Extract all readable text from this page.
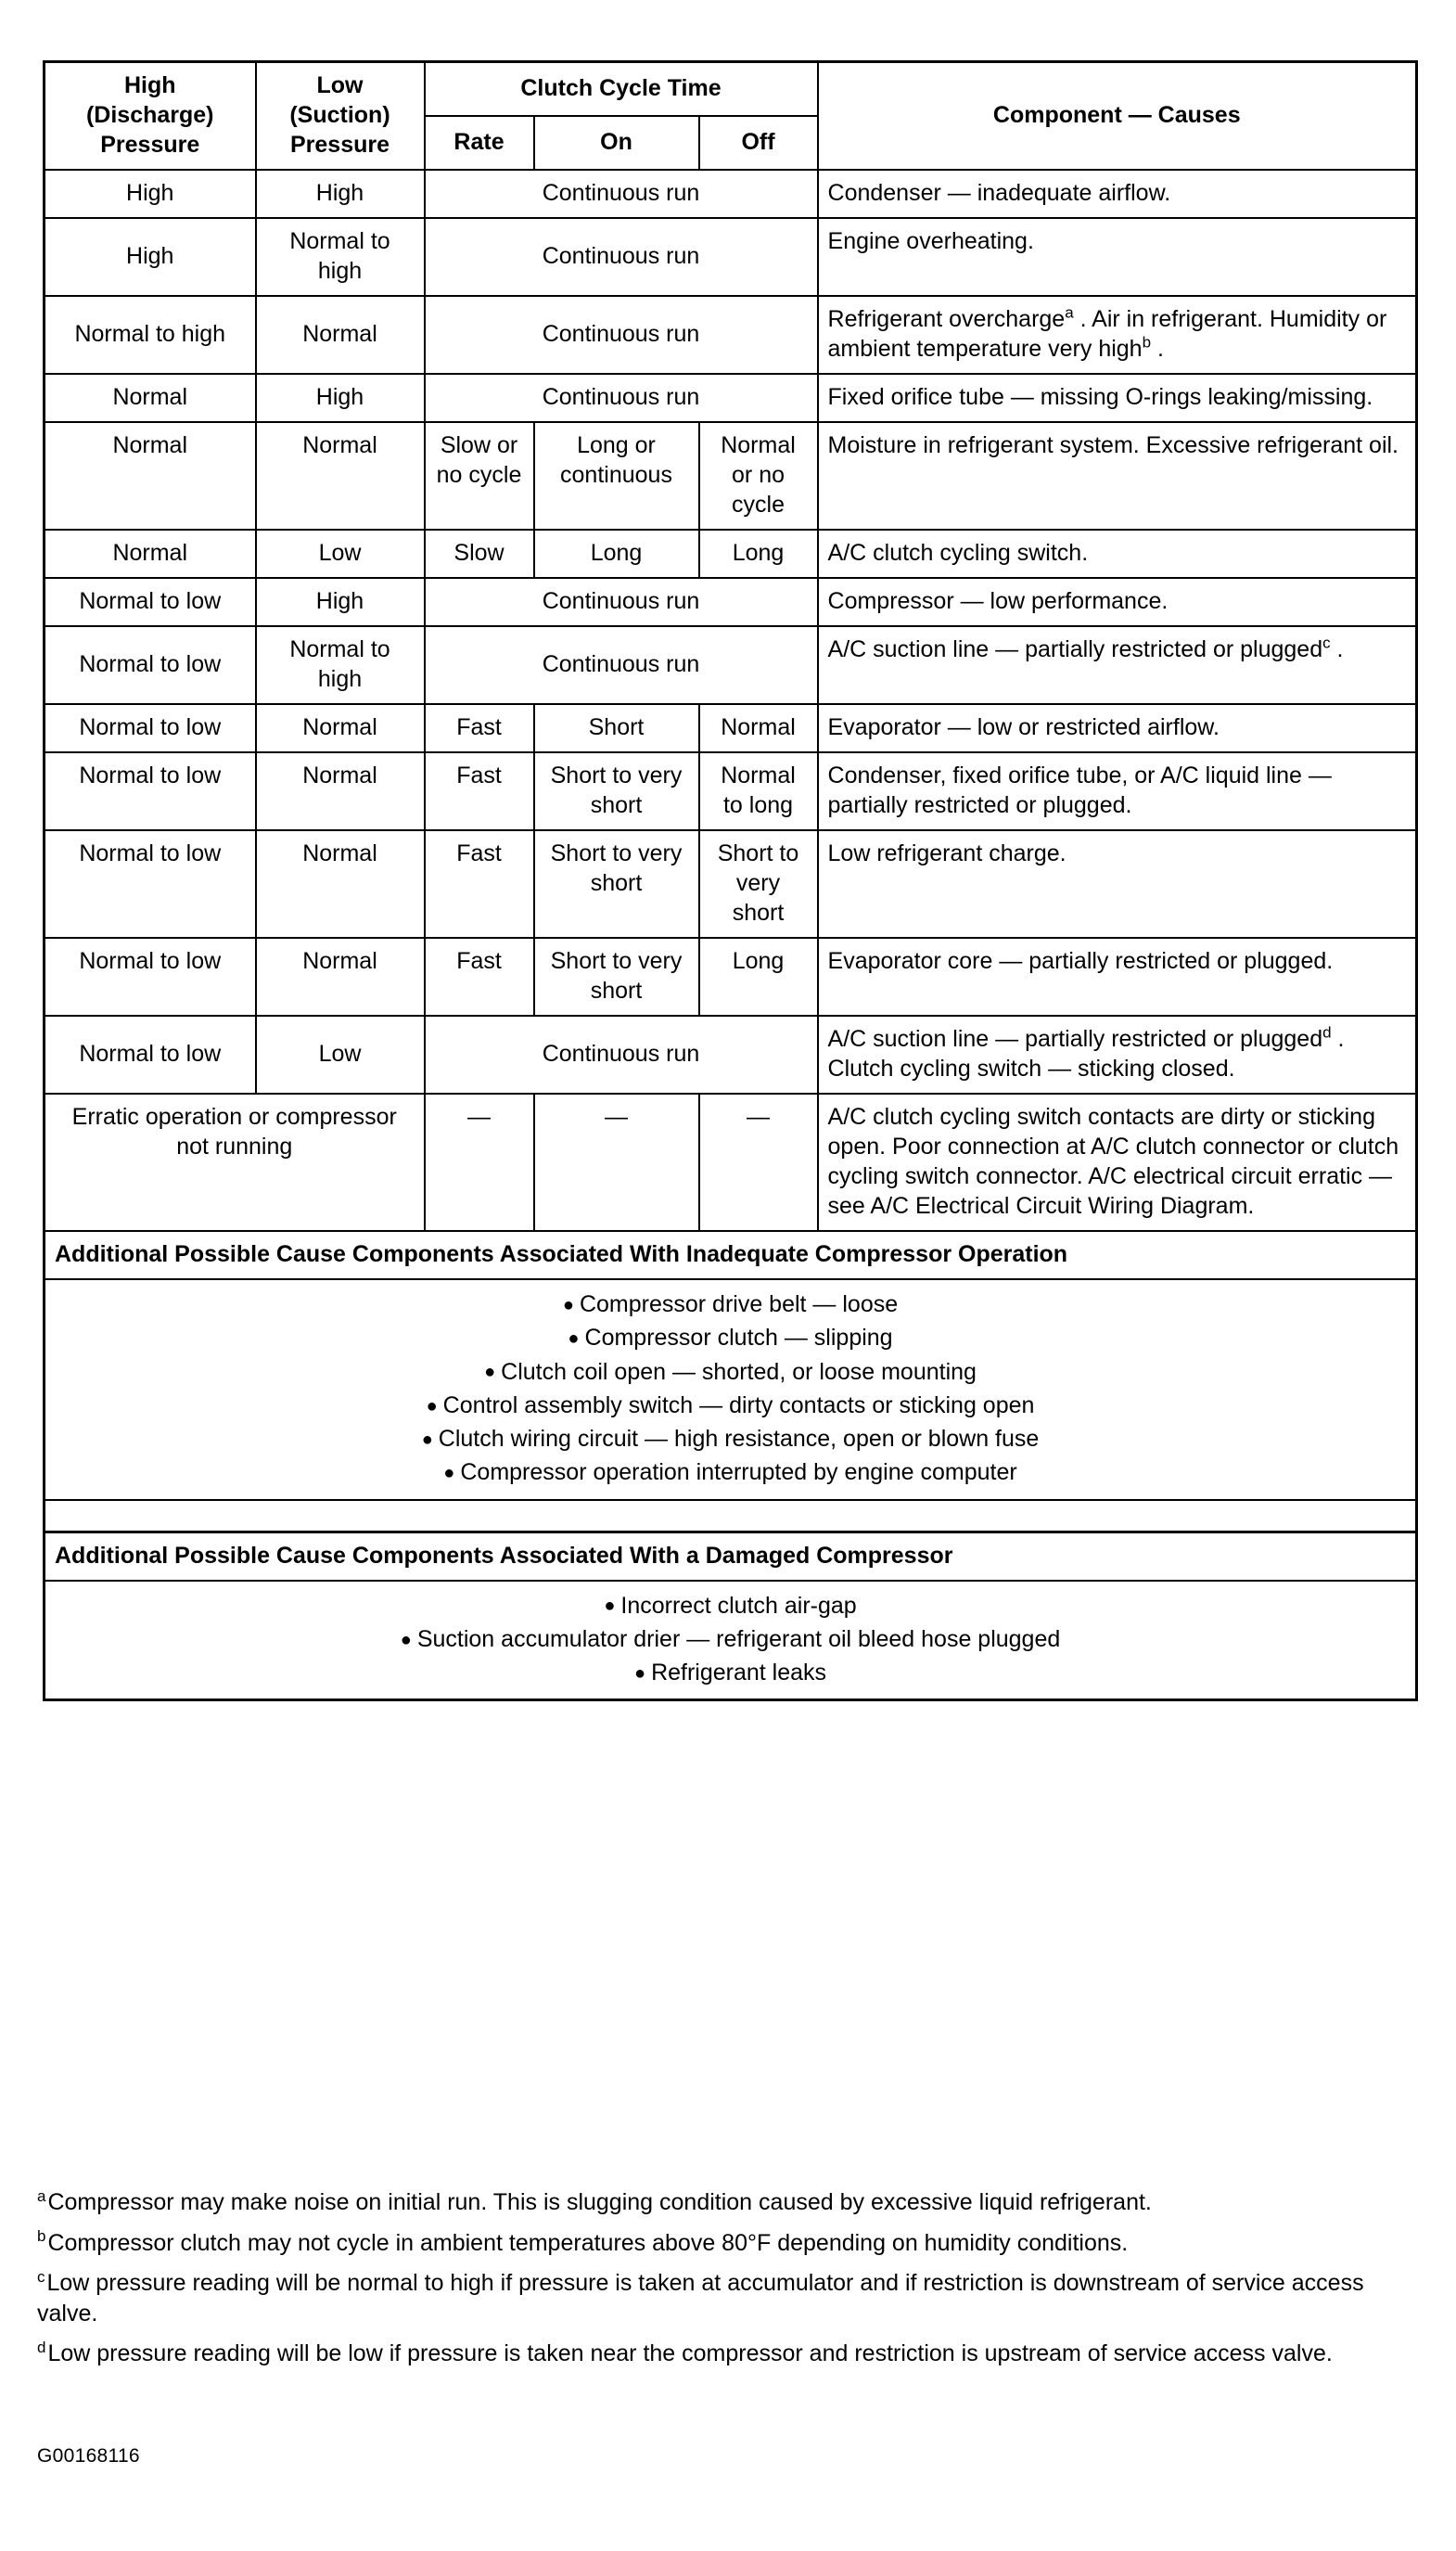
High
(Discharge)
Pressure	Low
(Suction)
Pressure	Clutch Cycle Time			Component — Causes
		Rate	On	Off	
High	High	Continuous run			Condenser — inadequate airflow.
High	Normal to high	Continuous run			Engine overheating.
Normal to high	Normal	Continuous run			Refrigerant overcharge$^a$ . Air in refrigerant. Humidity or ambient temperature very high$^b$ .
Normal	High	Continuous run			Fixed orifice tube — missing O-rings leaking/missing.
Normal	Normal	Slow or no cycle	Long or continuous	Normal or no cycle	Moisture in refrigerant system. Excessive refrigerant oil.
Normal	Low	Slow	Long	Long	A/C clutch cycling switch.
Normal to low	High	Continuous run			Compressor — low performance.
Normal to low	Normal to high	Continuous run			A/C suction line — partially restricted or plugged$^c$ .
Normal to low	Normal	Fast	Short	Normal	Evaporator — low or restricted airflow.
Normal to low	Normal	Fast	Short to very short	Normal to long	Condenser, fixed orifice tube, or A/C liquid line — partially restricted or plugged.
Normal to low	Normal	Fast	Short to very short	Short to very short	Low refrigerant charge.
Normal to low	Normal	Fast	Short to very short	Long	Evaporator core — partially restricted or plugged.
Normal to low	Low	Continuous run			A/C suction line — partially restricted or plugged$^d$ . Clutch cycling switch — sticking closed.
Erratic operation or compressor not running		—	—	—	A/C clutch cycling switch contacts are dirty or sticking open. Poor connection at A/C clutch connector or clutch cycling switch connector. A/C electrical circuit erratic — see A/C Electrical Circuit Wiring Diagram.
Additional Possible Cause Components Associated With Inadequate Compressor Operation					

● Compressor drive belt — loose
● Compressor clutch — slipping
● Clutch coil open — shorted, or loose mounting
● Control assembly switch — dirty contacts or sticking open
● Clutch wiring circuit — high resistance, open or blown fuse
● Compressor operation interrupted by engine computer

Additional Possible Cause Components Associated With a Damaged Compressor					

● Incorrect clutch air-gap
● Suction accumulator drier — refrigerant oil bleed hose plugged
● Refrigerant leaks					
$^a$Compressor may make noise on initial run. This is slugging condition caused by excessive liquid refrigerant.
$^b$Compressor clutch may not cycle in ambient temperatures above 80°F depending on humidity conditions.
$^c$Low pressure reading will be normal to high if pressure is taken at accumulator and if restriction is downstream of service access valve.
$^d$Low pressure reading will be low if pressure is taken near the compressor and restriction is upstream of service access valve.
G00168116
